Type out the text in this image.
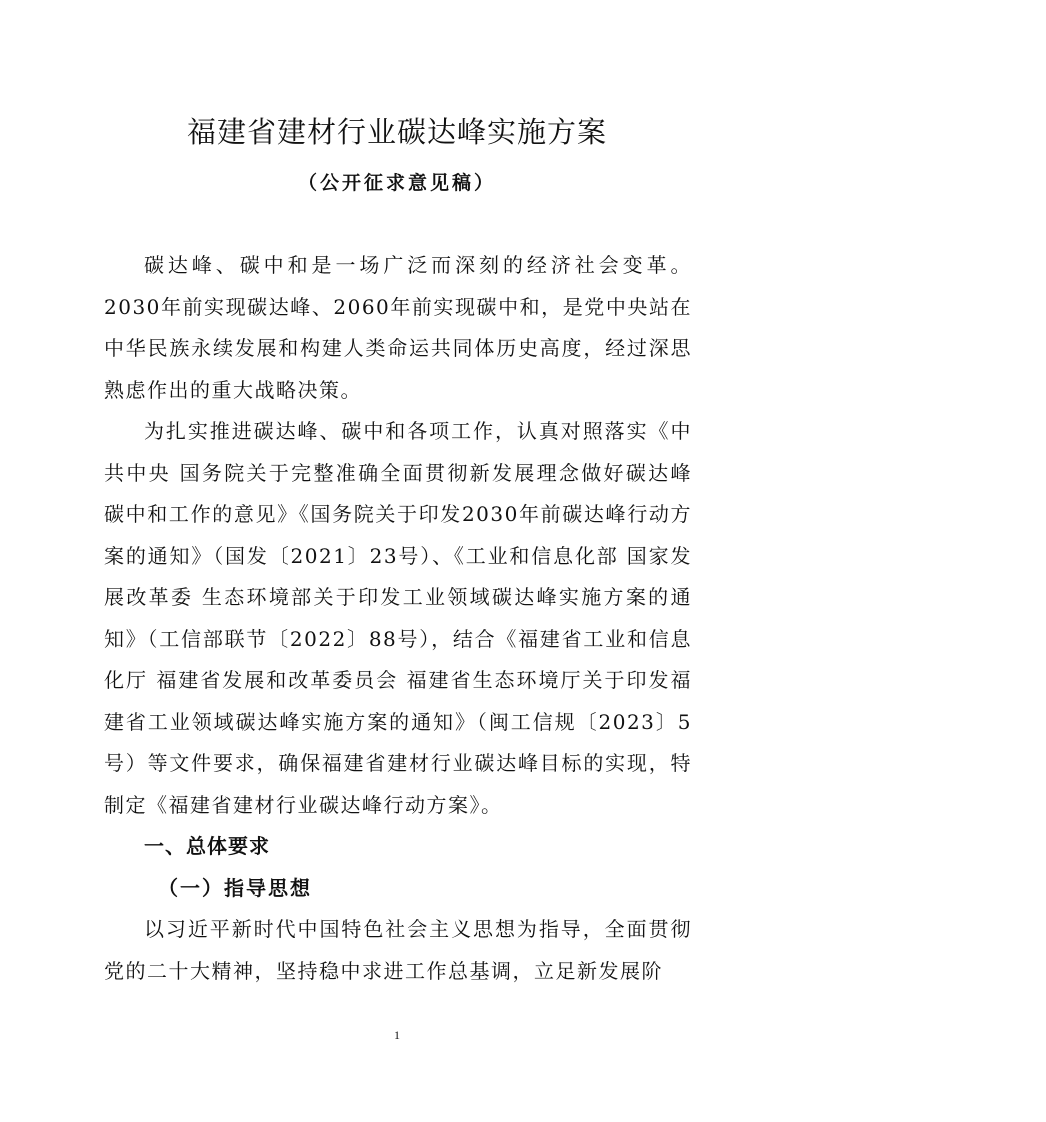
福建省建材行业碳达峰实施方案
（公开征求意见稿）

碳达峰、碳中和是一场广泛而深刻的经济社会变革。2030年前实现碳达峰、2060年前实现碳中和，是党中央站在中华民族永续发展和构建人类命运共同体历史高度，经过深思熟虑作出的重大战略决策。

为扎实推进碳达峰、碳中和各项工作，认真对照落实《中共中央 国务院关于完整准确全面贯彻新发展理念做好碳达峰碳中和工作的意见》《国务院关于印发2030年前碳达峰行动方案的通知》（国发〔2021〕23号）、《工业和信息化部 国家发展改革委 生态环境部关于印发工业领域碳达峰实施方案的通知》（工信部联节〔2022〕88号），结合《福建省工业和信息化厅 福建省发展和改革委员会 福建省生态环境厅关于印发福建省工业领域碳达峰实施方案的通知》（闽工信规〔2023〕5号）等文件要求，确保福建省建材行业碳达峰目标的实现，特制定《福建省建材行业碳达峰行动方案》。

一、总体要求

（一）指导思想

以习近平新时代中国特色社会主义思想为指导，全面贯彻党的二十大精神，坚持稳中求进工作总基调，立足新发展阶

1
